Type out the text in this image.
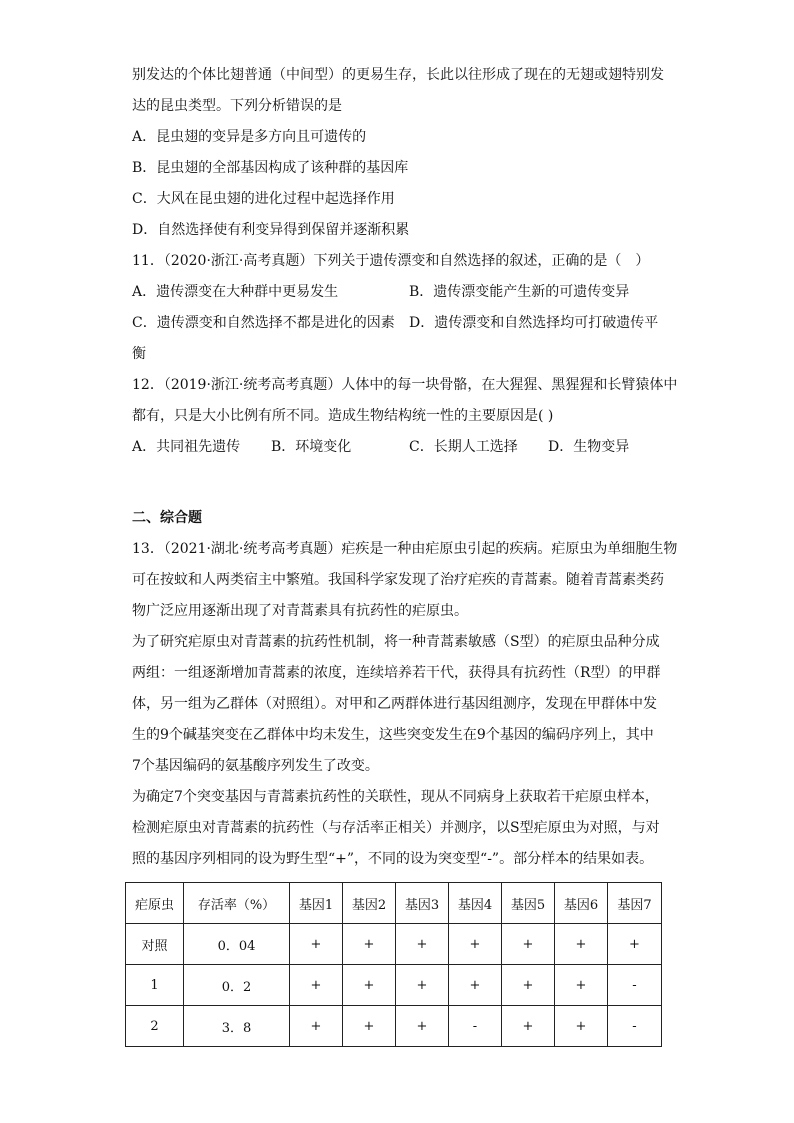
别发达的个体比翅普通（中间型）的更易生存，长此以往形成了现在的无翅或翅特别发
达的昆虫类型。下列分析错误的是
A．昆虫翅的变异是多方向且可遗传的
B．昆虫翅的全部基因构成了该种群的基因库
C．大风在昆虫翅的进化过程中起选择作用
D．自然选择使有利变异得到保留并逐渐积累
11．（2020·浙江·高考真题）下列关于遗传漂变和自然选择的叙述，正确的是（　）
A．遗传漂变在大种群中更易发生	B．遗传漂变能产生新的可遗传变异
C．遗传漂变和自然选择不都是进化的因素	D．遗传漂变和自然选择均可打破遗传平
衡
12．（2019·浙江·统考高考真题）人体中的每一块骨骼，在大猩猩、黑猩猩和长臂猿体中
都有，只是大小比例有所不同。造成生物结构统一性的主要原因是( )
A．共同祖先遗传	B．环境变化	C．长期人工选择	D．生物变异
二、综合题
13．（2021·湖北·统考高考真题）疟疾是一种由疟原虫引起的疾病。疟原虫为单细胞生物
可在按蚊和人两类宿主中繁殖。我国科学家发现了治疗疟疾的青蒿素。随着青蒿素类药
物广泛应用逐渐出现了对青蒿素具有抗药性的疟原虫。
为了研究疟原虫对青蒿素的抗药性机制，将一种青蒿素敏感（S型）的疟原虫品种分成
两组：一组逐渐增加青蒿素的浓度，连续培养若干代，获得具有抗药性（R型）的甲群
体，另一组为乙群体（对照组）。对甲和乙两群体进行基因组测序，发现在甲群体中发
生的9个碱基突变在乙群体中均未发生，这些突变发生在9个基因的编码序列上，其中
7个基因编码的氨基酸序列发生了改变。
为确定7个突变基因与青蒿素抗药性的关联性，现从不同病身上获取若干疟原虫样本，
检测疟原虫对青蒿素的抗药性（与存活率正相关）并测序，以S型疟原虫为对照，与对
照的基因序列相同的设为野生型“+”，不同的设为突变型“-”。部分样本的结果如表。
疟原虫	存活率（%）	基因1	基因2	基因3	基因4	基因5	基因6	基因7
对照	0．04	+	+	+	+	+	+	+
1	0．2	+	+	+	+	+	+	-
2	3．8	+	+	+	-	+	+	-
